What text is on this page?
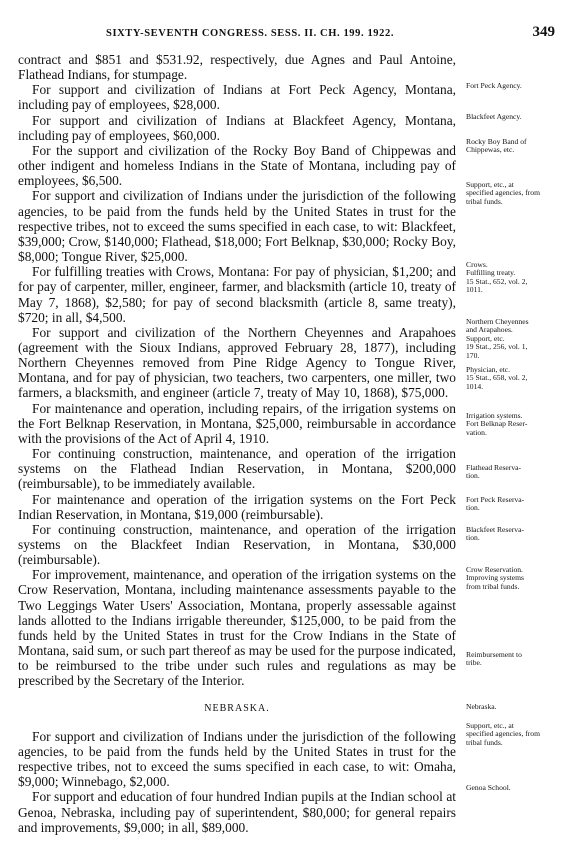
SIXTY-SEVENTH CONGRESS. SESS. II. CH. 199. 1922.	349

contract and $851 and $531.92, respectively, due Agnes and Paul Antoine, Flathead Indians, for stumpage.

For support and civilization of Indians at Fort Peck Agency, Montana, including pay of employees, $28,000.

For support and civilization of Indians at Blackfeet Agency, Montana, including pay of employees, $60,000.

For the support and civilization of the Rocky Boy Band of Chippewas and other indigent and homeless Indians in the State of Montana, including pay of employees, $6,500.

For support and civilization of Indians under the jurisdiction of the following agencies, to be paid from the funds held by the United States in trust for the respective tribes, not to exceed the sums specified in each case, to wit: Blackfeet, $39,000; Crow, $140,000; Flathead, $18,000; Fort Belknap, $30,000; Rocky Boy, $8,000; Tongue River, $25,000.

For fulfilling treaties with Crows, Montana: For pay of physician, $1,200; and for pay of carpenter, miller, engineer, farmer, and blacksmith (article 10, treaty of May 7, 1868), $2,580; for pay of second blacksmith (article 8, same treaty), $720; in all, $4,500.

For support and civilization of the Northern Cheyennes and Arapahoes (agreement with the Sioux Indians, approved February 28, 1877), including Northern Cheyennes removed from Pine Ridge Agency to Tongue River, Montana, and for pay of physician, two teachers, two carpenters, one miller, two farmers, a blacksmith, and engineer (article 7, treaty of May 10, 1868), $75,000.

For maintenance and operation, including repairs, of the irrigation systems on the Fort Belknap Reservation, in Montana, $25,000, reimbursable in accordance with the provisions of the Act of April 4, 1910.

For continuing construction, maintenance, and operation of the irrigation systems on the Flathead Indian Reservation, in Montana, $200,000 (reimbursable), to be immediately available.

For maintenance and operation of the irrigation systems on the Fort Peck Indian Reservation, in Montana, $19,000 (reimbursable).

For continuing construction, maintenance, and operation of the irrigation systems on the Blackfeet Indian Reservation, in Montana, $30,000 (reimbursable).

For improvement, maintenance, and operation of the irrigation systems on the Crow Reservation, Montana, including maintenance assessments payable to the Two Leggings Water Users' Association, Montana, properly assessable against lands allotted to the Indians irrigable thereunder, $125,000, to be paid from the funds held by the United States in trust for the Crow Indians in the State of Montana, said sum, or such part thereof as may be used for the purpose indicated, to be reimbursed to the tribe under such rules and regulations as may be prescribed by the Secretary of the Interior.

NEBRASKA.

For support and civilization of Indians under the jurisdiction of the following agencies, to be paid from the funds held by the United States in trust for the respective tribes, not to exceed the sums specified in each case, to wit: Omaha, $9,000; Winnebago, $2,000.

For support and education of four hundred Indian pupils at the Indian school at Genoa, Nebraska, including pay of superintendent, $80,000; for general repairs and improvements, $9,000; in all, $89,000.

Fort Peck Agency.
Blackfeet Agency.
Rocky Boy Band of
Chippewas, etc.
Support, etc., at
specified agencies, from
tribal funds.
Crows.
Fulfilling treaty.
15 Stat., 652, vol. 2,
1011.
Northern Cheyennes
and Arapahoes.
Support, etc.
19 Stat., 256, vol. 1,
170.
Physician, etc.
15 Stat., 658, vol. 2,
1014.
Irrigation systems.
Fort Belknap Reser-
vation.
Flathead Reserva-
tion.
Fort Peck Reserva-
tion.
Blackfeet Reserva-
tion.
Crow Reservation.
Improving systems
from tribal funds.
Reimbursement to
tribe.
Nebraska.
Support, etc., at
specified agencies, from
tribal funds.
Genoa School.
